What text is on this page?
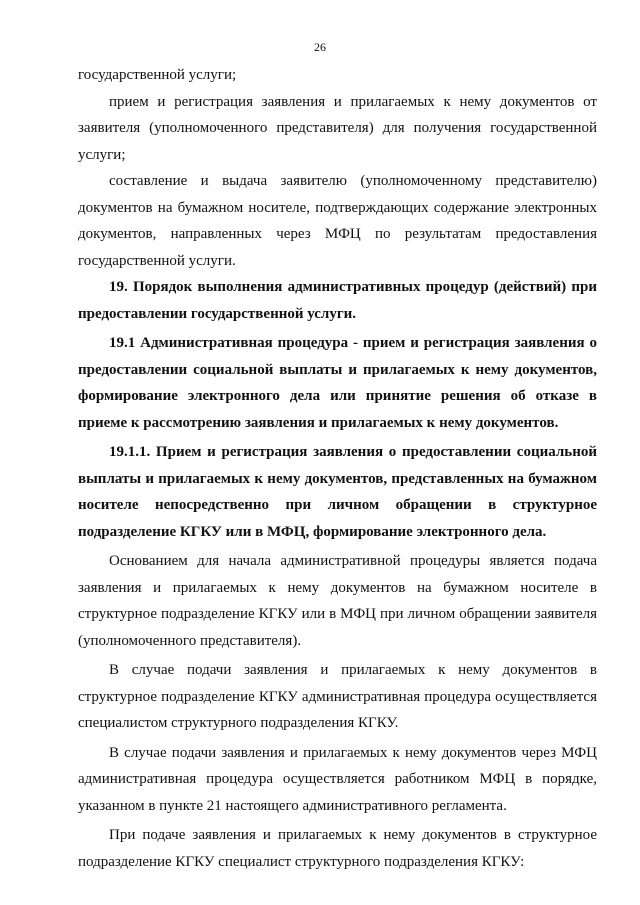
26

государственной услуги;

прием и регистрация заявления и прилагаемых к нему документов от заявителя (уполномоченного представителя) для получения государственной услуги;

составление и выдача заявителю (уполномоченному представителю) документов на бумажном носителе, подтверждающих содержание электронных документов, направленных через МФЦ по результатам предоставления государственной услуги.

19. Порядок выполнения административных процедур (действий) при предоставлении государственной услуги.

19.1 Административная процедура - прием и регистрация заявления о предоставлении социальной выплаты и прилагаемых к нему документов, формирование электронного дела или принятие решения об отказе в приеме к рассмотрению заявления и прилагаемых к нему документов.

19.1.1. Прием и регистрация заявления о предоставлении социальной выплаты и прилагаемых к нему документов, представленных на бумажном носителе непосредственно при личном обращении в структурное подразделение КГКУ или в МФЦ, формирование электронного дела.

Основанием для начала административной процедуры является подача заявления и прилагаемых к нему документов на бумажном носителе в структурное подразделение КГКУ или в МФЦ при личном обращении заявителя (уполномоченного представителя).

В случае подачи заявления и прилагаемых к нему документов в структурное подразделение КГКУ административная процедура осуществляется специалистом структурного подразделения КГКУ.

В случае подачи заявления и прилагаемых к нему документов через МФЦ административная процедура осуществляется работником МФЦ в порядке, указанном в пункте 21 настоящего административного регламента.

При подаче заявления и прилагаемых к нему документов в структурное подразделение КГКУ специалист структурного подразделения КГКУ:
